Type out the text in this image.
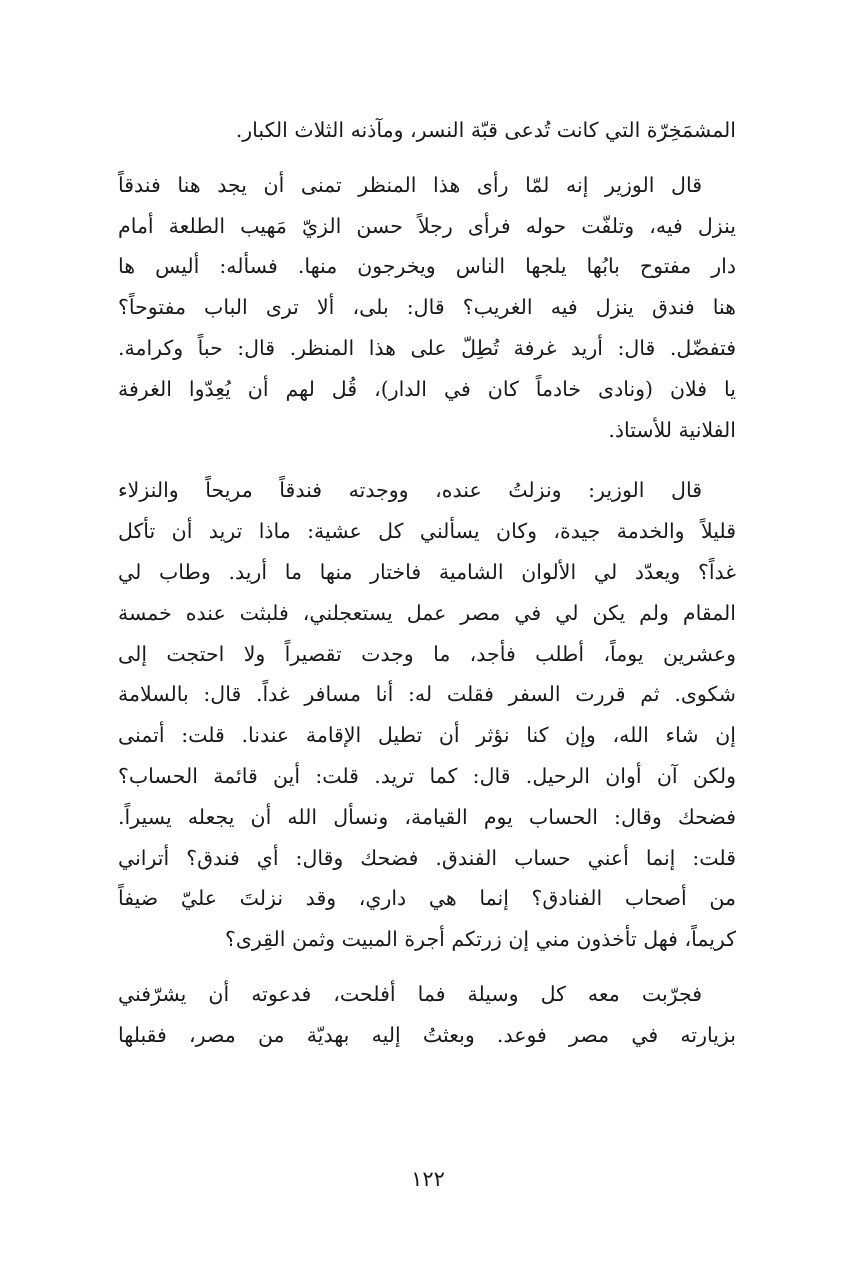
المشمَخِرّة التي كانت تُدعى قبّة النسر، ومآذنه الثلاث الكبار.

قال الوزير إنه لمّا رأى هذا المنظر تمنى أن يجد هنا فندقاً
ينزل فيه، وتلفّت حوله فرأى رجلاً حسن الزيّ مَهيب الطلعة أمام
دار مفتوح بابُها يلجها الناس ويخرجون منها. فسأله: أليس ها
هنا فندق ينزل فيه الغريب؟ قال: بلى، ألا ترى الباب مفتوحاً؟
فتفضّل. قال: أريد غرفة تُطِلّ على هذا المنظر. قال: حباً وكرامة.
يا فلان (ونادى خادماً كان في الدار)، قُل لهم أن يُعِدّوا الغرفة
الفلانية للأستاذ.

قال الوزير: ونزلتُ عنده، ووجدته فندقاً مريحاً والنزلاء
قليلاً والخدمة جيدة، وكان يسألني كل عشية: ماذا تريد أن تأكل
غداً؟ ويعدّد لي الألوان الشامية فاختار منها ما أريد. وطاب لي
المقام ولم يكن لي في مصر عمل يستعجلني، فلبثت عنده خمسة
وعشرين يوماً، أطلب فأجد، ما وجدت تقصيراً ولا احتجت إلى
شكوى. ثم قررت السفر فقلت له: أنا مسافر غداً. قال: بالسلامة
إن شاء الله، وإن كنا نؤثر أن تطيل الإقامة عندنا. قلت: أتمنى
ولكن آن أوان الرحيل. قال: كما تريد. قلت: أين قائمة الحساب؟
فضحك وقال: الحساب يوم القيامة، ونسأل الله أن يجعله يسيراً.
قلت: إنما أعني حساب الفندق. فضحك وقال: أي فندق؟ أتراني
من أصحاب الفنادق؟ إنما هي داري، وقد نزلتَ عليّ ضيفاً
كريماً، فهل تأخذون مني إن زرتكم أجرة المبيت وثمن القِرى؟

فجرّبت معه كل وسيلة فما أفلحت، فدعوته أن يشرّفني
بزيارته في مصر فوعد. وبعثتُ إليه بهديّة من مصر، فقبلها

١٢٢
